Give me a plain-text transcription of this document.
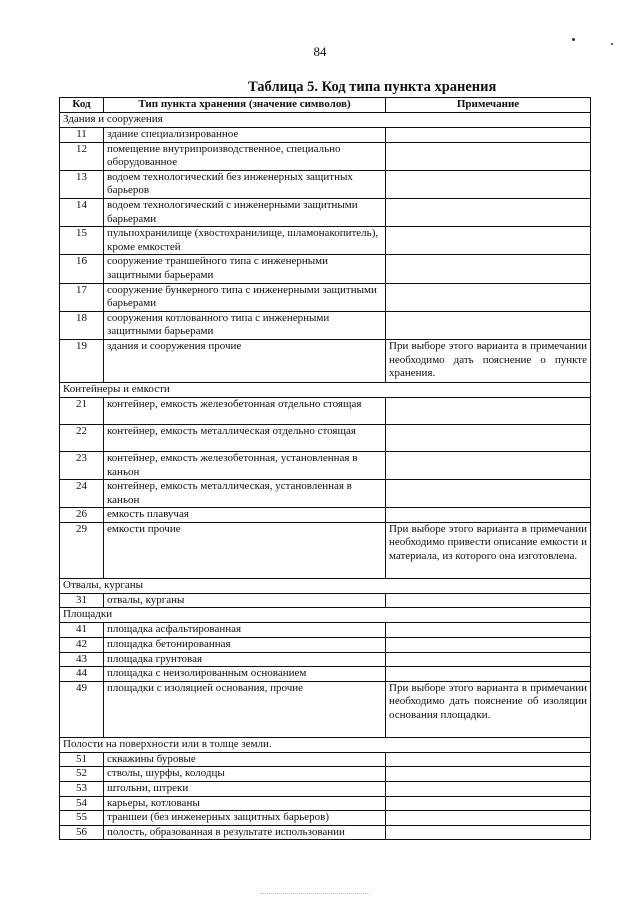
84
Таблица 5. Код типа пункта хранения
Код	Тип пункта хранения (значение символов)	Примечание
Здания и сооружения		
11	здание специализированное	
12	помещение внутрипроизводственное, специально оборудованное	
13	водоем технологический без инженерных защитных барьеров	
14	водоем технологический с инженерными защитными барьерами	
15	пульпохранилище (хвостохранилище, шламонакопитель), кроме емкостей	
16	сооружение траншейного типа с инженерными защитными барьерами	
17	сооружение бункерного типа с инженерными защитными барьерами	
18	сооружения котлованного типа с инженерными защитными барьерами	
19	здания и сооружения прочие	При выборе этого варианта в примечании необходимо дать пояснение о пункте хранения.
Контейнеры и емкости		
21	контейнер, емкость железобетонная отдельно стоящая	
22	контейнер, емкость металлическая отдельно стоящая	
23	контейнер, емкость железобетонная, установленная в каньон	
24	контейнер, емкость металлическая, установленная в каньон	
26	емкость плавучая	
29	емкости прочие	При выборе этого варианта в примечании необходимо привести описание емкости и материала, из которого она изготовлена.
Отвалы, курганы		
31	отвалы, курганы	
Площадки		
41	площадка асфальтированная	
42	площадка бетонированная	
43	площадка грунтовая	
44	площадка с неизолированным основанием	
49	площадки с изоляцией основания, прочие	При выборе этого варианта в примечании необходимо дать пояснение об изоляции основания площадки.
Полости на поверхности или в толще земли.		
51	скважины буровые	
52	стволы, шурфы, колодцы	
53	штольни, штреки	
54	карьеры, котлованы	
55	траншеи (без инженерных защитных барьеров)	
56	полость, образованная в результате использовании	
